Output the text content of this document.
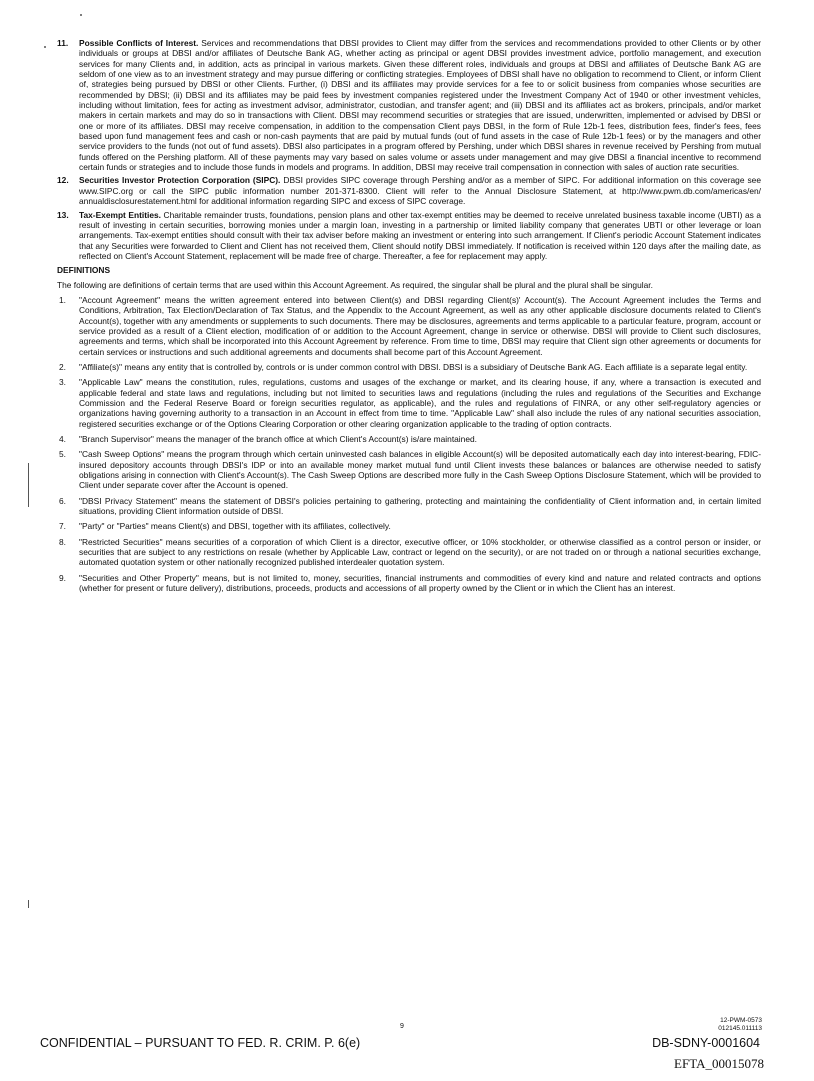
11. Possible Conflicts of Interest. Services and recommendations that DBSI provides to Client may differ from the services and recommendations provided to other Clients or by other individuals or groups at DBSI and/or affiliates of Deutsche Bank AG, whether acting as principal or agent DBSI provides investment advice, portfolio management, and execution services for many Clients and, in addition, acts as principal in various markets. Given these different roles, individuals and groups at DBSI and affiliates of Deutsche Bank AG are seldom of one view as to an investment strategy and may pursue differing or conflicting strategies. Employees of DBSI shall have no obligation to recommend to Client, or inform Client of, strategies being pursued by DBSI or other Clients. Further, (i) DBSI and its affiliates may provide services for a fee to or solicit business from companies whose securities are recommended by DBSI; (ii) DBSI and its affiliates may be paid fees by investment companies registered under the Investment Company Act of 1940 or other investment vehicles, including without limitation, fees for acting as investment advisor, administrator, custodian, and transfer agent; and (iii) DBSI and its affiliates act as brokers, principals, and/or market makers in certain markets and may do so in transactions with Client. DBSI may recommend securities or strategies that are issued, underwritten, implemented or advised by DBSI or one or more of its affiliates. DBSI may receive compensation, in addition to the compensation Client pays DBSI, in the form of Rule 12b-1 fees, distribution fees, finder's fees, fees based upon fund management fees and cash or non-cash payments that are paid by mutual funds (out of fund assets in the case of Rule 12b-1 fees) or by the managers and other service providers to the funds (not out of fund assets). DBSI also participates in a program offered by Pershing, under which DBSI shares in revenue received by Pershing from mutual funds offered on the Pershing platform. All of these payments may vary based on sales volume or assets under management and may give DBSI a financial incentive to recommend certain funds or strategies and to include those funds in models and programs. In addition, DBSI may receive trail compensation in connection with sales of auction rate securities.
12. Securities Investor Protection Corporation (SIPC). DBSI provides SIPC coverage through Pershing and/or as a member of SIPC. For additional information on this coverage see www.SIPC.org or call the SIPC public information number 201-371-8300. Client will refer to the Annual Disclosure Statement, at http://www.pwm.db.com/americas/en/ annualdisclosurestatement.html for additional information regarding SIPC and excess of SIPC coverage.
13. Tax-Exempt Entities. Charitable remainder trusts, foundations, pension plans and other tax-exempt entities may be deemed to receive unrelated business taxable income (UBTI) as a result of investing in certain securities, borrowing monies under a margin loan, investing in a partnership or limited liability company that generates UBTI or other leverage or loan arrangements. Tax-exempt entities should consult with their tax adviser before making an investment or entering into such arrangement. If Client's periodic Account Statement indicates that any Securities were forwarded to Client and Client has not received them, Client should notify DBSI immediately. If notification is received within 120 days after the mailing date, as reflected on Client's Account Statement, replacement will be made free of charge. Thereafter, a fee for replacement may apply.
DEFINITIONS
The following are definitions of certain terms that are used within this Account Agreement. As required, the singular shall be plural and the plural shall be singular.
1. "Account Agreement" means the written agreement entered into between Client(s) and DBSI regarding Client(s)' Account(s). The Account Agreement includes the Terms and Conditions, Arbitration, Tax Election/Declaration of Tax Status, and the Appendix to the Account Agreement, as well as any other applicable disclosure documents related to Client's Account(s), together with any amendments or supplements to such documents. There may be disclosures, agreements and terms applicable to a particular feature, program, account or service provided as a result of a Client election, modification of or addition to the Account Agreement, change in service or otherwise. DBSI will provide to Client such disclosures, agreements and terms, which shall be incorporated into this Account Agreement by reference. From time to time, DBSI may require that Client sign other agreements or documents for certain services or instructions and such additional agreements and documents shall become part of this Account Agreement.
2. "Affiliate(s)" means any entity that is controlled by, controls or is under common control with DBSI. DBSI is a subsidiary of Deutsche Bank AG. Each affiliate is a separate legal entity.
3. "Applicable Law" means the constitution, rules, regulations, customs and usages of the exchange or market, and its clearing house, if any, where a transaction is executed and applicable federal and state laws and regulations, including but not limited to securities laws and regulations (including the rules and regulations of the Securities and Exchange Commission and the Federal Reserve Board or foreign securities regulator, as applicable), and the rules and regulations of FINRA, or any other self-regulatory agencies or organizations having governing authority to a transaction in an Account in effect from time to time. "Applicable Law" shall also include the rules of any national securities association, registered securities exchange or of the Options Clearing Corporation or other clearing organization applicable to the trading of option contracts.
4. "Branch Supervisor" means the manager of the branch office at which Client's Account(s) is/are maintained.
5. "Cash Sweep Options" means the program through which certain uninvested cash balances in eligible Account(s) will be deposited automatically each day into interest-bearing, FDIC-insured depository accounts through DBSI's IDP or into an available money market mutual fund until Client invests these balances or balances are otherwise needed to satisfy obligations arising in connection with Client's Account(s). The Cash Sweep Options are described more fully in the Cash Sweep Options Disclosure Statement, which will be provided to Client under separate cover after the Account is opened.
6. "DBSI Privacy Statement" means the statement of DBSI's policies pertaining to gathering, protecting and maintaining the confidentiality of Client information and, in certain limited situations, providing Client information outside of DBSI.
7. "Party" or "Parties" means Client(s) and DBSI, together with its affiliates, collectively.
8. "Restricted Securities" means securities of a corporation of which Client is a director, executive officer, or 10% stockholder, or otherwise classified as a control person or insider, or securities that are subject to any restrictions on resale (whether by Applicable Law, contract or legend on the security), or are not traded on or through a national securities exchange, automated quotation system or other nationally recognized published interdealer quotation system.
9. "Securities and Other Property" means, but is not limited to, money, securities, financial instruments and commodities of every kind and nature and related contracts and options (whether for present or future delivery), distributions, proceeds, products and accessions of all property owned by the Client or in which the Client has an interest.
9
12-PWM-0573
012145.011113
CONFIDENTIAL – PURSUANT TO FED. R. CRIM. P. 6(e)	DB-SDNY-0001604
EFTA_00015078
